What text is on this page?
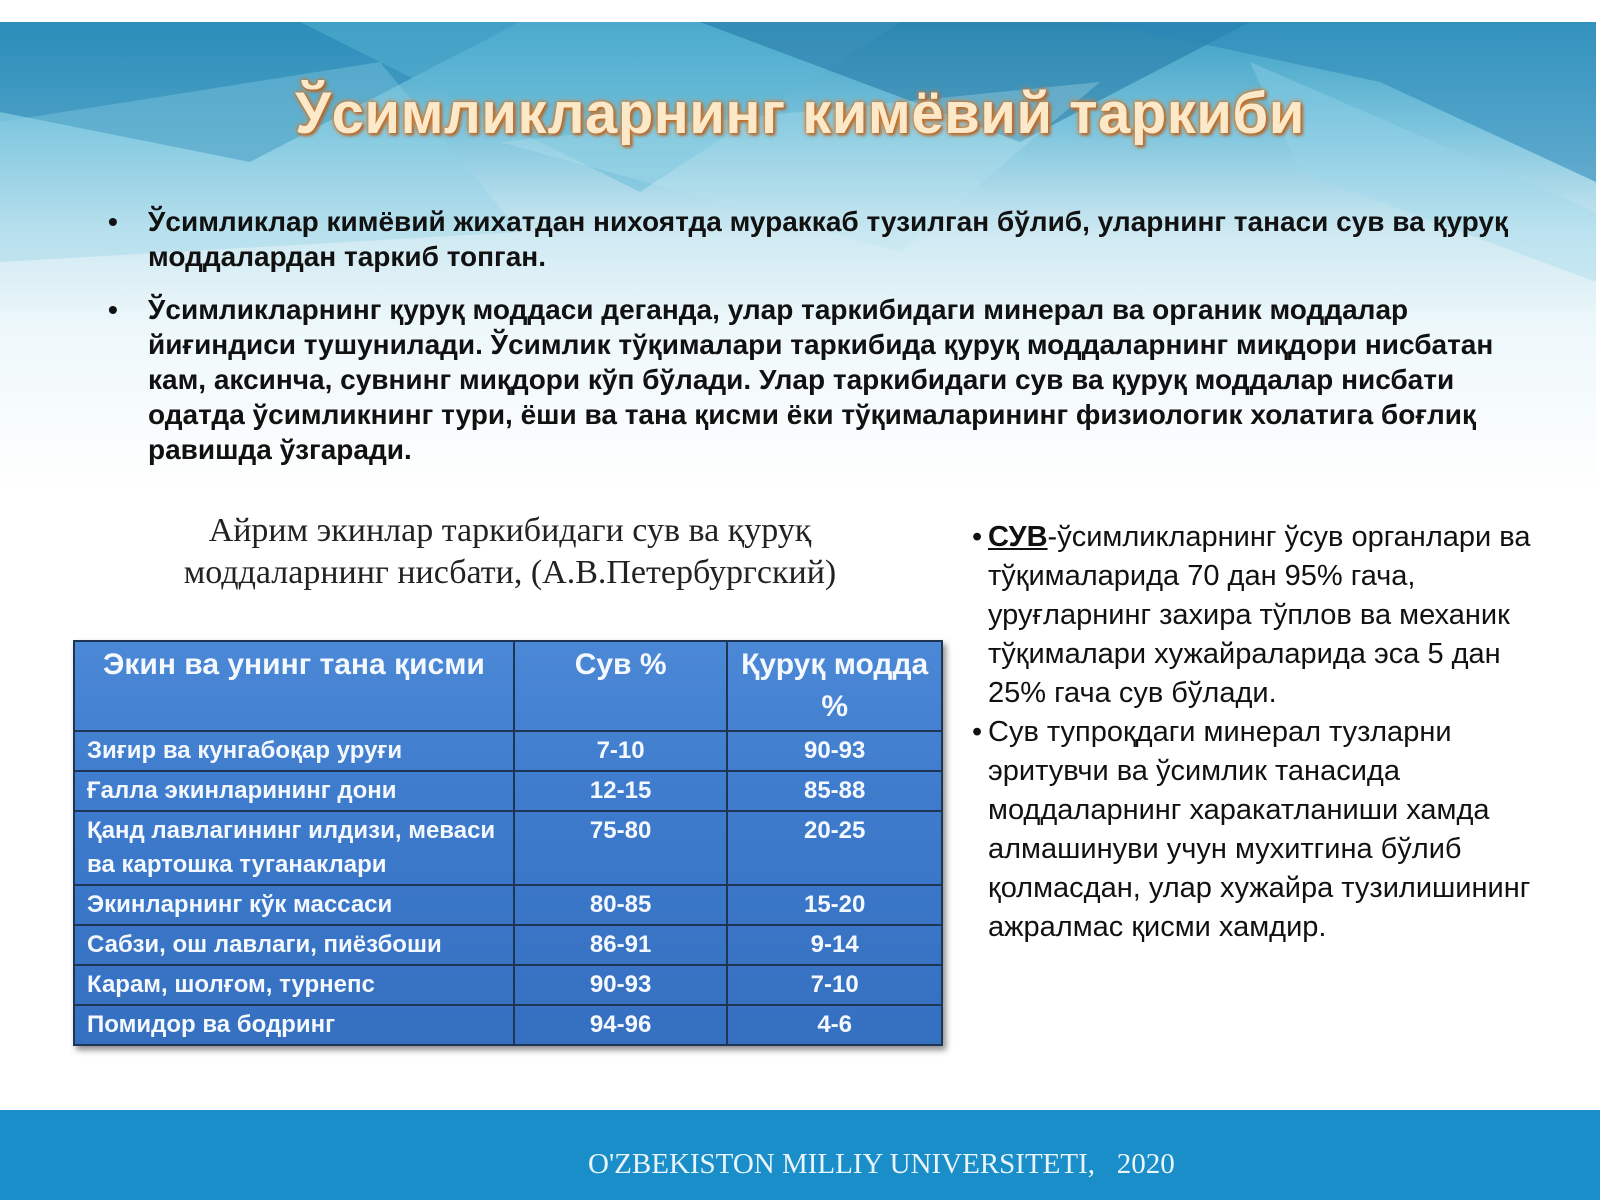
Ўсимликларнинг кимёвий таркиби
• Ўсимликлар кимёвий жихатдан нихоятда мураккаб тузилган бўлиб, уларнинг танаси сув ва қуруқ моддалардан таркиб топган.
• Ўсимликларнинг қуруқ моддаси деганда, улар таркибидаги минерал ва органик моддалар йиғиндиси тушунилади. Ўсимлик тўқималари таркибида қуруқ моддаларнинг миқдори нисбатан кам, аксинча, сувнинг миқдори кўп бўлади. Улар таркибидаги сув ва қуруқ моддалар нисбати одатда ўсимликнинг тури, ёши ва тана қисми ёки тўқималарининг физиологик холатига боғлиқ равишда ўзгаради.
Айрим экинлар таркибидаги сув ва қуруқ
моддаларнинг нисбати, (А.В.Петербургский)
Экин ва унинг тана қисми	Сув %	Қуруқ модда %
Зиғир ва кунгабоқар уруғи	7-10	90-93
Ғалла экинларининг дони	12-15	85-88
Қанд лавлагининг илдизи, меваси ва картошка туганаклари	75-80	20-25
Экинларнинг кўк массаси	80-85	15-20
Сабзи, ош лавлаги, пиёзбоши	86-91	9-14
Карам, шолғом, турнепс	90-93	7-10
Помидор ва бодринг	94-96	4-6
• СУВ-ўсимликларнинг ўсув органлари ва тўқималарида 70 дан 95% гача, уруғларнинг захира тўплов ва механик тўқималари хужайраларида эса 5 дан 25% гача сув бўлади.
• Сув тупроқдаги минерал тузларни эритувчи ва ўсимлик танасида моддаларнинг харакатланиши хамда алмашинуви учун мухитгина бўлиб қолмасдан, улар хужайра тузилишининг ажралмас қисми хамдир.
O'ZBEKISTON MILLIY UNIVERSITETI,   2020
